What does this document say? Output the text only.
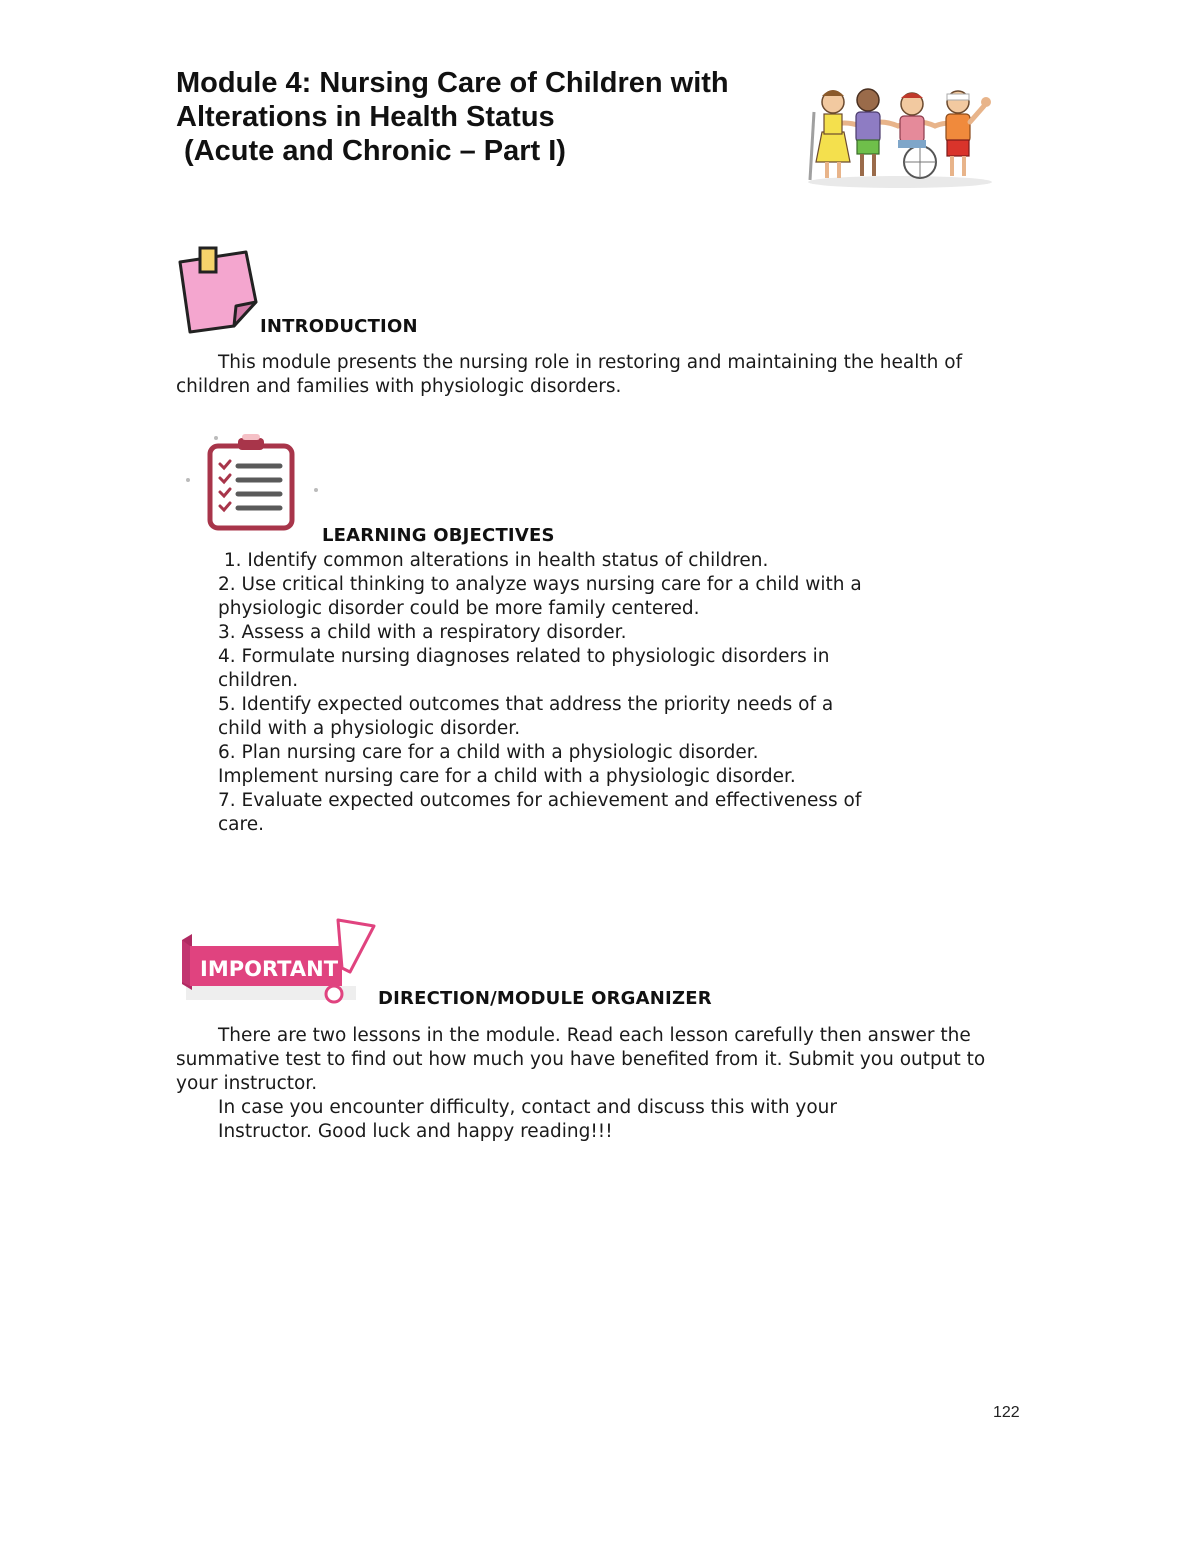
Module 4: Nursing Care of Children with
Alterations in Health Status
(Acute and Chronic – Part I)
INTRODUCTION
This module presents the nursing role in restoring and maintaining the health of children and families with physiologic disorders.
LEARNING OBJECTIVES
1. Identify common alterations in health status of children.
2. Use critical thinking to analyze ways nursing care for a child with a
physiologic disorder could be more family centered.
3. Assess a child with a respiratory disorder.
4. Formulate nursing diagnoses related to physiologic disorders in
children.
5. Identify expected outcomes that address the priority needs of a
child with a physiologic disorder.
6. Plan nursing care for a child with a physiologic disorder.
Implement nursing care for a child with a physiologic disorder.
7. Evaluate expected outcomes for achievement and effectiveness of
care.
IMPORTANT
DIRECTION/MODULE ORGANIZER
There are two lessons in the module. Read each lesson carefully then answer the summative test to find out how much you have benefited from it. Submit you output to your instructor.
In case you encounter difficulty, contact and discuss this with your
Instructor. Good luck and happy reading!!!
122
